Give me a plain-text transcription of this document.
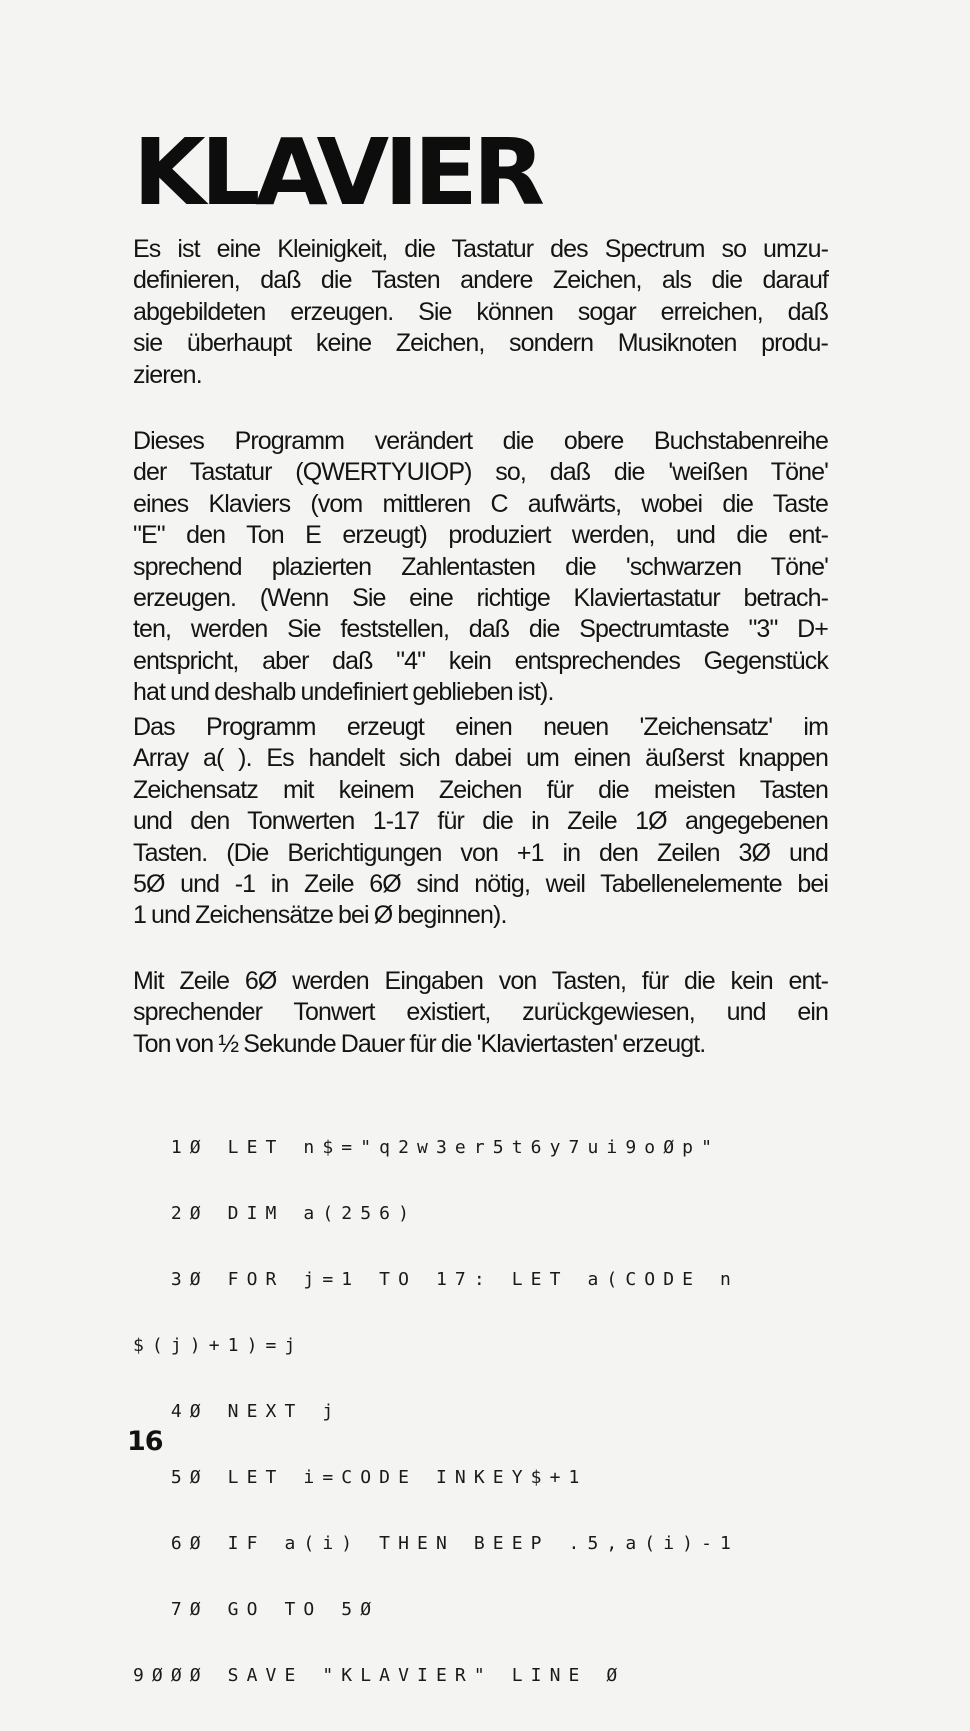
KLAVIER

Es ist eine Kleinigkeit, die Tastatur des Spectrum so umzu-
definieren, daß die Tasten andere Zeichen, als die darauf
abgebildeten erzeugen. Sie können sogar erreichen, daß
sie überhaupt keine Zeichen, sondern Musiknoten produ-
zieren.

Dieses Programm verändert die obere Buchstabenreihe
der Tastatur (QWERTYUIOP) so, daß die 'weißen Töne'
eines Klaviers (vom mittleren C aufwärts, wobei die Taste
"E" den Ton E erzeugt) produziert werden, und die ent-
sprechend plazierten Zahlentasten die 'schwarzen Töne'
erzeugen. (Wenn Sie eine richtige Klaviertastatur betrach-
ten, werden Sie feststellen, daß die Spectrumtaste "3" D+
entspricht, aber daß "4" kein entsprechendes Gegenstück
hat und deshalb undefiniert geblieben ist).

Das Programm erzeugt einen neuen 'Zeichensatz' im
Array a( ). Es handelt sich dabei um einen äußerst knappen
Zeichensatz mit keinem Zeichen für die meisten Tasten
und den Tonwerten 1-17 für die in Zeile 1Ø angegebenen
Tasten. (Die Berichtigungen von +1 in den Zeilen 3Ø und
5Ø und -1 in Zeile 6Ø sind nötig, weil Tabellenelemente bei
1 und Zeichensätze bei Ø beginnen).

Mit Zeile 6Ø werden Eingaben von Tasten, für die kein ent-
sprechender Tonwert existiert, zurückgewiesen, und ein
Ton von ½ Sekunde Dauer für die 'Klaviertasten' erzeugt.

1Ø LET n$="q2w3er5t6y7ui9oØp"

2Ø DIM a(256)

3Ø FOR j=1 TO 17: LET a(CODE n

$(j)+1)=j

4Ø NEXT j

5Ø LET i=CODE INKEY$+1

6Ø IF a(i) THEN BEEP .5,a(i)-1

7Ø GO TO 5Ø

9ØØØ SAVE "KLAVIER" LINE Ø

16
